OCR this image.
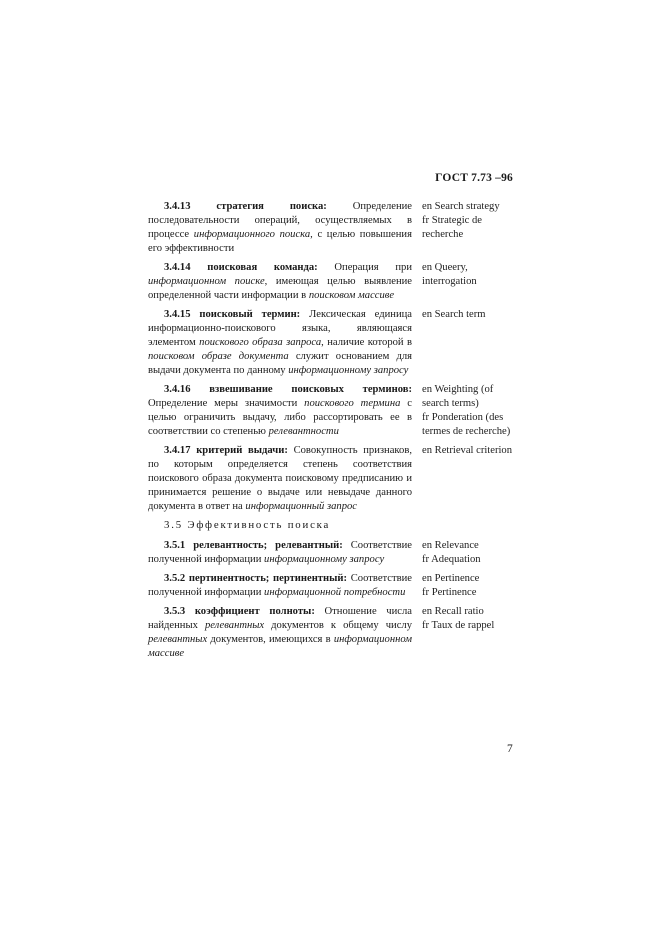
ГОСТ 7.73 –96
3.4.13 стратегия поиска: Определение последовательности операций, осуществляемых в процессе информационного поиска, с целью повышения его эффективности
en Search strategy
fr Strategic de recherche
3.4.14 поисковая команда: Операция при информационном поиске, имеющая целью выявление определенной части информации в поисковом массиве
en Queery, interrogation
3.4.15 поисковый термин: Лексическая единица информационно-поискового языка, являющаяся элементом поискового образа запроса, наличие которой в поисковом образе документа служит основанием для выдачи документа по данному информационному запросу
en Search term
3.4.16 взвешивание поисковых терминов: Определение меры значимости поискового термина с целью ограничить выдачу, либо рассортировать ее в соответствии со степенью релевантности
en Weighting (of search terms)
fr Ponderation (des termes de recherche)
3.4.17 критерий выдачи: Совокупность признаков, по которым определяется степень соответствия поискового образа документа поисковому предписанию и принимается решение о выдаче или невыдаче данного документа в ответ на информационный запрос
en Retrieval criterion
3.5 Эффективность поиска
3.5.1 релевантность; релевантный: Соответствие полученной информации информационному запросу
en Relevance
fr Adequation
3.5.2 пертинентность; пертинентный: Соответствие полученной информации информационной потребности
en Pertinence
fr Pertinence
3.5.3 коэффициент полноты: Отношение числа найденных релевантных документов к общему числу релевантных документов, имеющихся в информационном массиве
en Recall ratio
fr Taux de rappel
7
